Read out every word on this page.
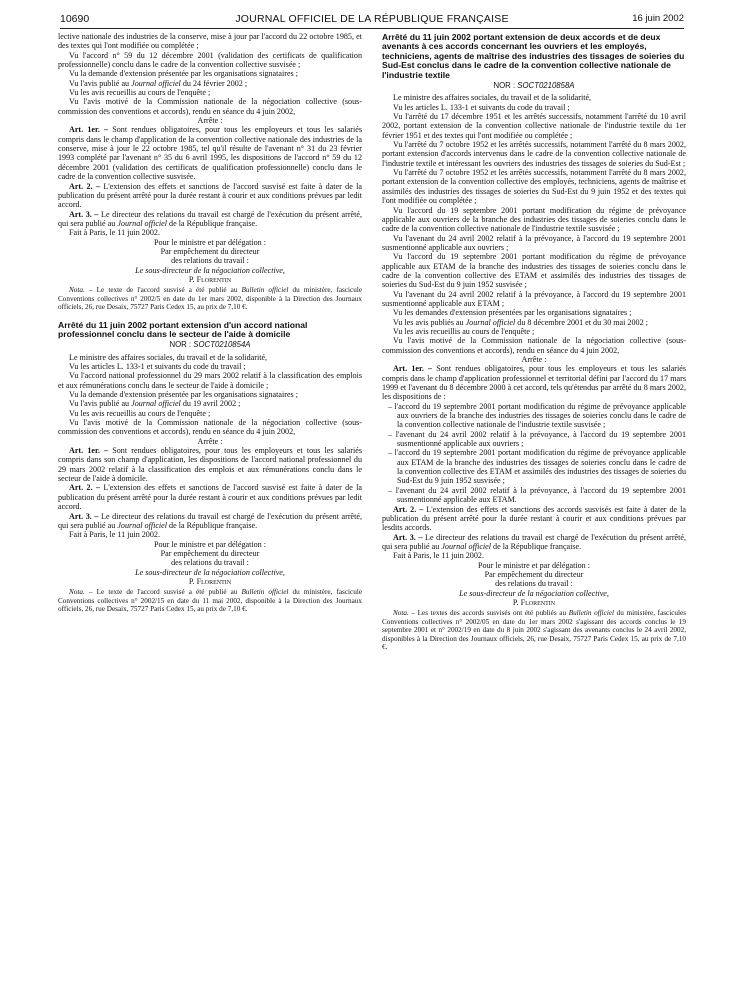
10690	JOURNAL OFFICIEL DE LA RÉPUBLIQUE FRANÇAISE	16 juin 2002

lective nationale des industries de la conserve, mise à jour par l'accord du 22 octobre 1985, et des textes qui l'ont modifiée ou complétée ;

Vu l'accord n° 59 du 12 décembre 2001 (validation des certificats de qualification professionnelle) conclu dans le cadre de la convention collective susvisée ;

Vu la demande d'extension présentée par les organisations signataires ;

Vu l'avis publié au Journal officiel du 24 février 2002 ;

Vu les avis recueillis au cours de l'enquête ;

Vu l'avis motivé de la Commission nationale de la négociation collective (sous-commission des conventions et accords), rendu en séance du 4 juin 2002,

Arrête :

Art. 1er. – Sont rendues obligatoires, pour tous les employeurs et tous les salariés compris dans le champ d'application de la convention collective nationale des industries de la conserve, mise à jour le 22 octobre 1985, tel qu'il résulte de l'avenant n° 31 du 23 février 1993 complété par l'avenant n° 35 du 6 avril 1995, les dispositions de l'accord n° 59 du 12 décembre 2001 (validation des certificats de qualification professionnelle) conclu dans le cadre de la convention collective susvisée.

Art. 2. – L'extension des effets et sanctions de l'accord susvisé est faite à dater de la publication du présent arrêté pour la durée restant à courir et aux conditions prévues par ledit accord.

Art. 3. – Le directeur des relations du travail est chargé de l'exécution du présent arrêté, qui sera publié au Journal officiel de la République française.

Fait à Paris, le 11 juin 2002.

Pour le ministre et par délégation :

Par empêchement du directeur

des relations du travail :

Le sous-directeur de la négociation collective,

P. Florentin

Nota. – Le texte de l'accord susvisé a été publié au Bulletin officiel du ministère, fascicule Conventions collectives n° 2002/5 en date du 1er mars 2002, disponible à la Direction des Journaux officiels, 26, rue Desaix, 75727 Paris Cedex 15, au prix de 7,10 €.

Arrêté du 11 juin 2002 portant extension d'un accord national professionnel conclu dans le secteur de l'aide à domicile

NOR : SOCT0210854A

Le ministre des affaires sociales, du travail et de la solidarité,

Vu les articles L. 133-1 et suivants du code du travail ;

Vu l'accord national professionnel du 29 mars 2002 relatif à la classification des emplois et aux rémunérations conclu dans le secteur de l'aide à domicile ;

Vu la demande d'extension présentée par les organisations signataires ;

Vu l'avis publié au Journal officiel du 19 avril 2002 ;

Vu les avis recueillis au cours de l'enquête ;

Vu l'avis motivé de la Commission nationale de la négociation collective (sous-commission des conventions et accords), rendu en séance du 4 juin 2002,

Arrête :

Art. 1er. – Sont rendues obligatoires, pour tous les employeurs et tous les salariés compris dans son champ d'application, les dispositions de l'accord national professionnel du 29 mars 2002 relatif à la classification des emplois et aux rémunérations conclu dans le secteur de l'aide à domicile.

Art. 2. – L'extension des effets et sanctions de l'accord susvisé est faite à dater de la publication du présent arrêté pour la durée restant à courir et aux conditions prévues par ledit accord.

Art. 3. – Le directeur des relations du travail est chargé de l'exécution du présent arrêté, qui sera publié au Journal officiel de la République française.

Fait à Paris, le 11 juin 2002.

Pour le ministre et par délégation :

Par empêchement du directeur

des relations du travail :

Le sous-directeur de la négociation collective,

P. Florentin

Nota. – Le texte de l'accord susvisé a été publié au Bulletin officiel du ministère, fascicule Conventions collectives n° 2002/15 en date du 11 mai 2002, disponible à la Direction des Journaux officiels, 26, rue Desaix, 75727 Paris Cedex 15, au prix de 7,10 €.

Arrêté du 11 juin 2002 portant extension de deux accords et de deux avenants à ces accords concernant les ouvriers et les employés, techniciens, agents de maîtrise des industries des tissages de soieries du Sud-Est conclus dans le cadre de la convention collective nationale de l'industrie textile

NOR : SOCT0210858A

Le ministre des affaires sociales, du travail et de la solidarité,

Vu les articles L. 133-1 et suivants du code du travail ;

Vu l'arrêté du 17 décembre 1951 et les arrêtés successifs, notamment l'arrêté du 10 avril 2002, portant extension de la convention collective nationale de l'industrie textile du 1er février 1951 et des textes qui l'ont modifiée ou complétée ;

Vu l'arrêté du 7 octobre 1952 et les arrêtés successifs, notamment l'arrêté du 8 mars 2002, portant extension d'accords intervenus dans le cadre de la convention collective nationale de l'industrie textile et intéressant les ouvriers des industries des tissages de soieries du Sud-Est ;

Vu l'arrêté du 7 octobre 1952 et les arrêtés successifs, notamment l'arrêté du 8 mars 2002, portant extension de la convention collective des employés, techniciens, agents de maîtrise et assimilés des industries des tissages de soieries du Sud-Est du 9 juin 1952 et des textes qui l'ont modifiée ou complétée ;

Vu l'accord du 19 septembre 2001 portant modification du régime de prévoyance applicable aux ouvriers de la branche des industries des tissages de soieries conclu dans le cadre de la convention collective nationale de l'industrie textile susvisée ;

Vu l'avenant du 24 avril 2002 relatif à la prévoyance, à l'accord du 19 septembre 2001 susmentionné applicable aux ouvriers ;

Vu l'accord du 19 septembre 2001 portant modification du régime de prévoyance applicable aux ETAM de la branche des industries des tissages de soieries conclu dans le cadre de la convention collective des ETAM et assimilés des industries des tissages de soieries du Sud-Est du 9 juin 1952 susvisée ;

Vu l'avenant du 24 avril 2002 relatif à la prévoyance, à l'accord du 19 septembre 2001 susmentionné applicable aux ETAM ;

Vu les demandes d'extension présentées par les organisations signataires ;

Vu les avis publiés au Journal officiel du 8 décembre 2001 et du 30 mai 2002 ;

Vu les avis recueillis au cours de l'enquête ;

Vu l'avis motivé de la Commission nationale de la négociation collective (sous-commission des conventions et accords), rendu en séance du 4 juin 2002,

Arrête :

Art. 1er. – Sont rendues obligatoires, pour tous les employeurs et tous les salariés compris dans le champ d'application professionnel et territorial défini par l'accord du 17 mars 1999 et l'avenant du 8 décembre 2000 à cet accord, tels qu'étendus par arrêté du 8 mars 2002, les dispositions de :

– l'accord du 19 septembre 2001 portant modification du régime de prévoyance applicable aux ouvriers de la branche des industries des tissages de soieries conclu dans le cadre de la convention collective nationale de l'industrie textile susvisée ;

– l'avenant du 24 avril 2002 relatif à la prévoyance, à l'accord du 19 septembre 2001 susmentionné applicable aux ouvriers ;

– l'accord du 19 septembre 2001 portant modification du régime de prévoyance applicable aux ETAM de la branche des industries des tissages de soieries conclu dans le cadre de la convention collective des ETAM et assimilés des industries des tissages de soieries du Sud-Est du 9 juin 1952 susvisée ;

– l'avenant du 24 avril 2002 relatif à la prévoyance, à l'accord du 19 septembre 2001 susmentionné applicable aux ETAM.

Art. 2. – L'extension des effets et sanctions des accords susvisés est faite à dater de la publication du présent arrêté pour la durée restant à courir et aux conditions prévues par lesdits accords.

Art. 3. – Le directeur des relations du travail est chargé de l'exécution du présent arrêté, qui sera publié au Journal officiel de la République française.

Fait à Paris, le 11 juin 2002.

Pour le ministre et par délégation :

Par empêchement du directeur

des relations du travail :

Le sous-directeur de la négociation collective,

P. Florentin

Nota. – Les textes des accords susvisés ont été publiés au Bulletin officiel du ministère, fascicules Conventions collectives n° 2002/05 en date du 1er mars 2002 s'agissant des accords conclus le 19 septembre 2001 et n° 2002/19 en date du 8 juin 2002 s'agissant des avenants conclus le 24 avril 2002, disponibles à la Direction des Journaux officiels, 26, rue Desaix, 75727 Paris Cedex 15, au prix de 7,10 €.
